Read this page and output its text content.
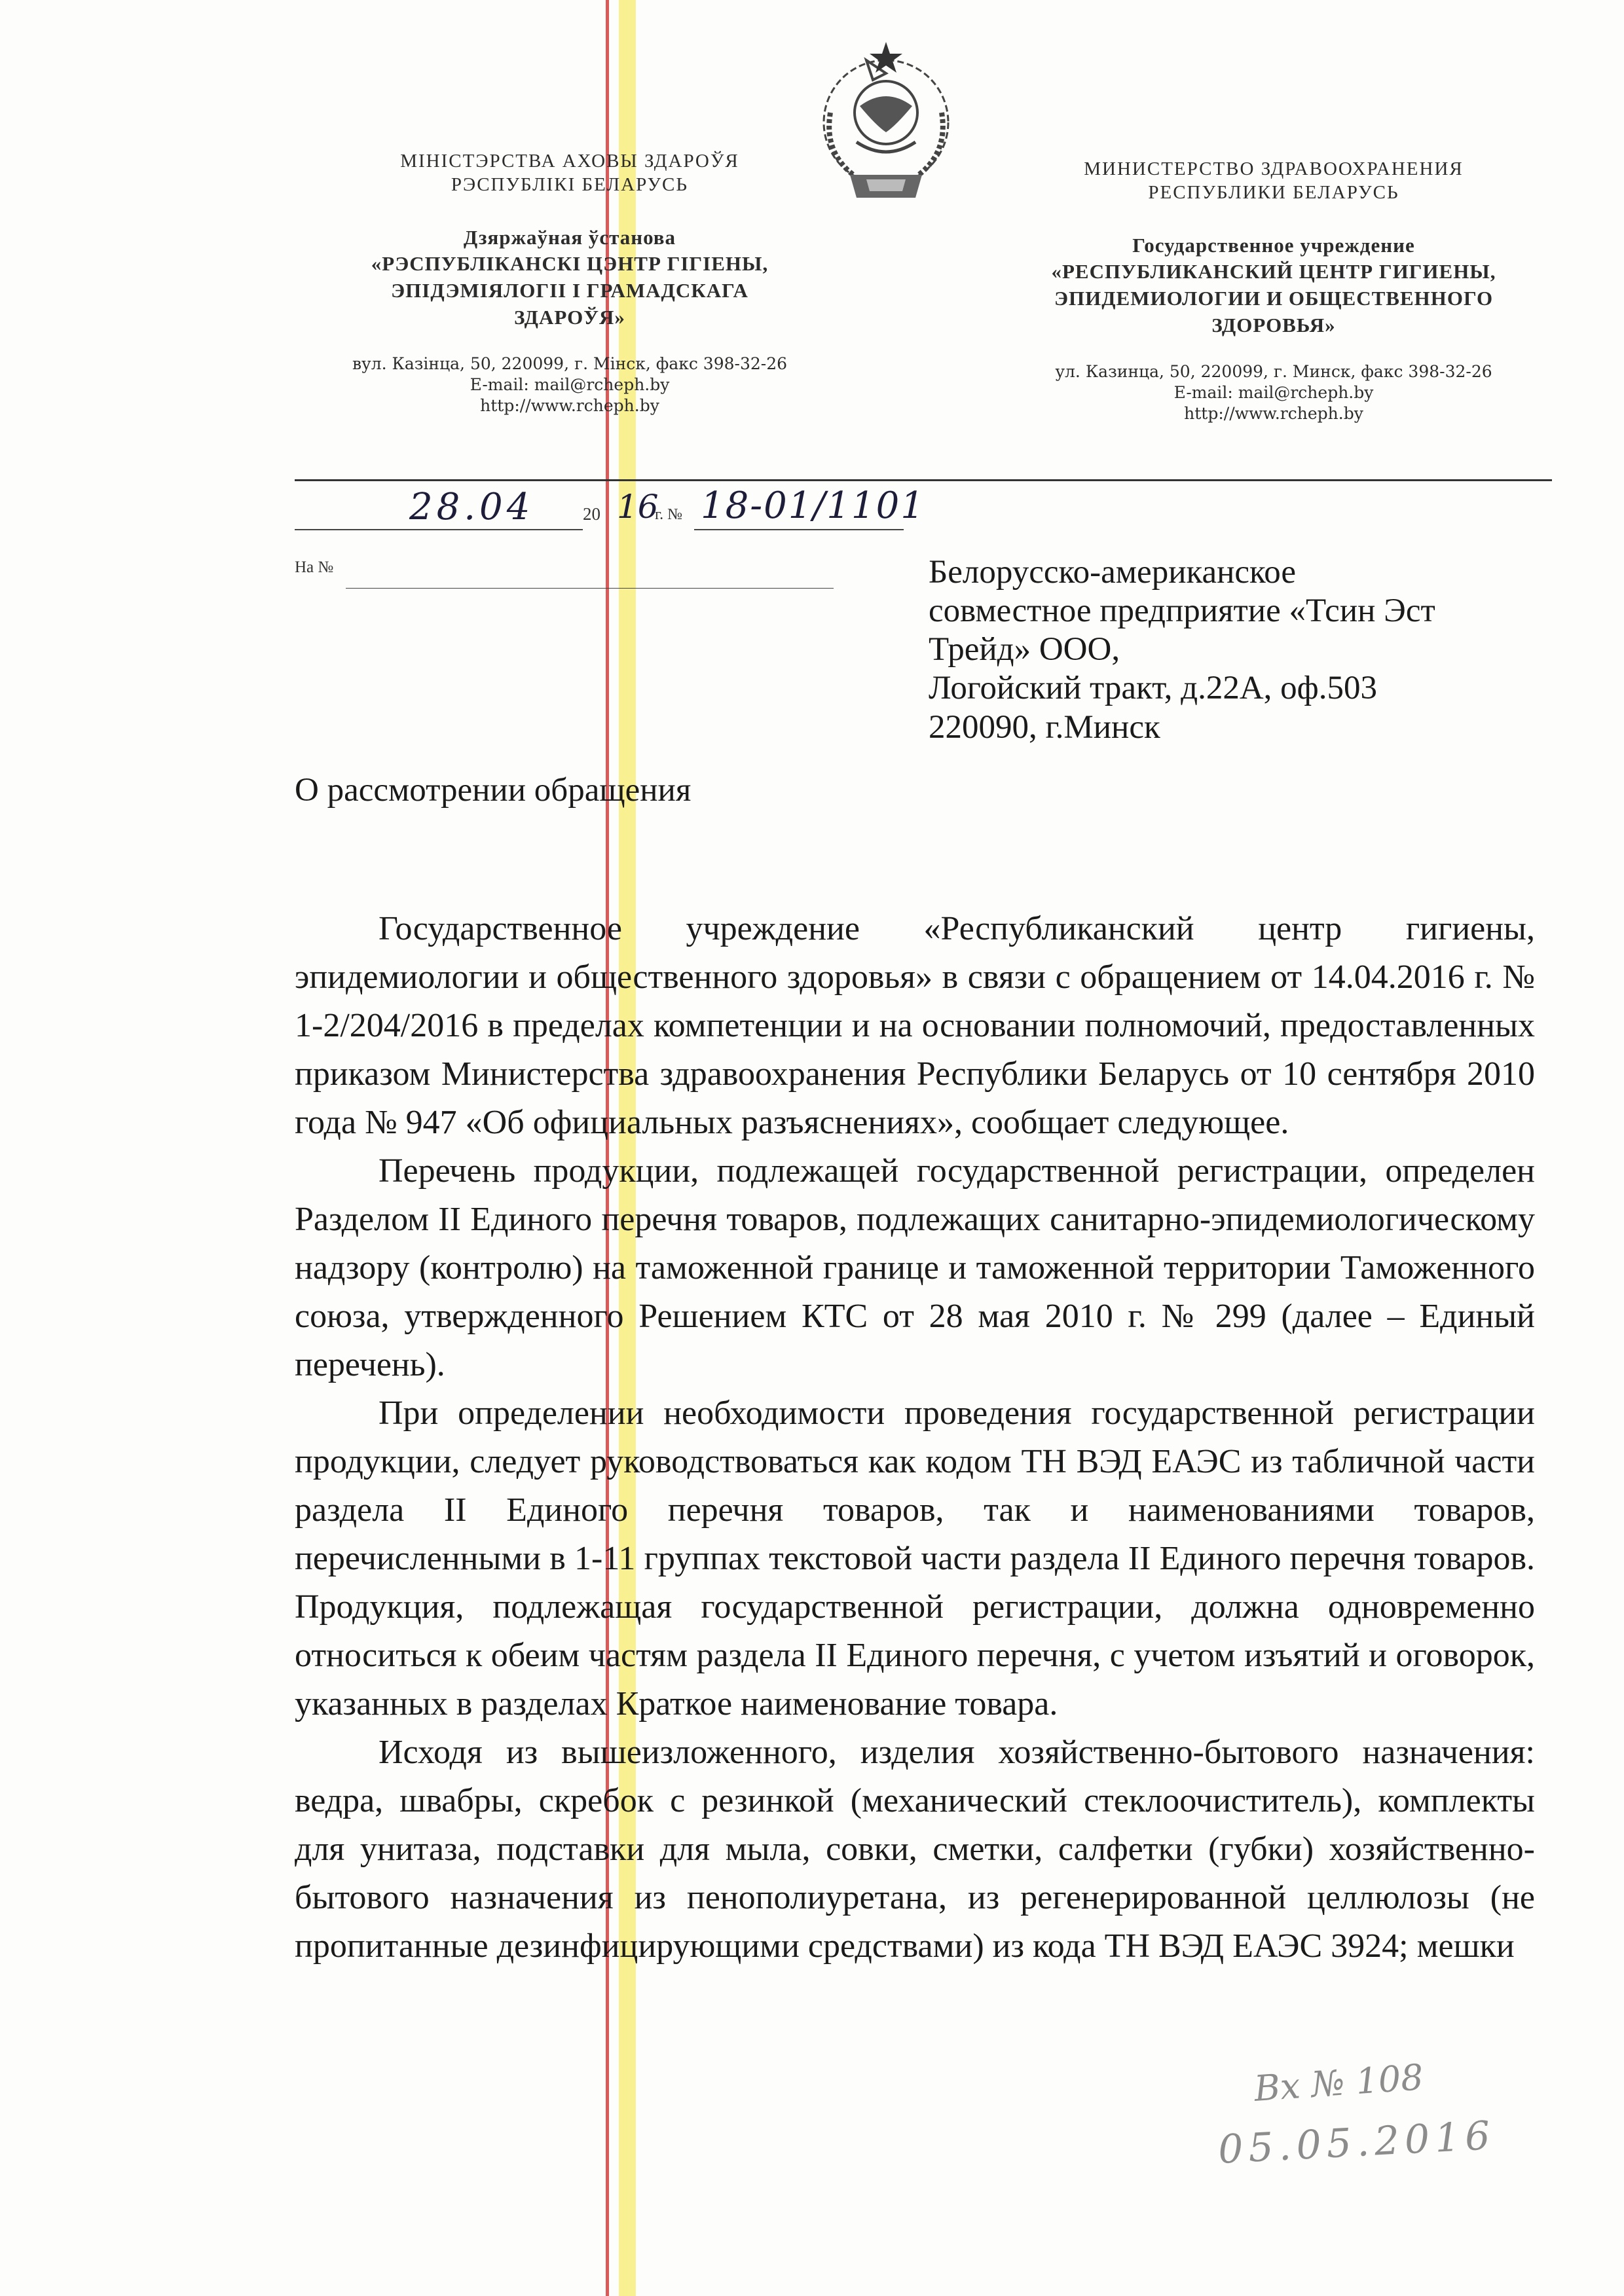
МІНІСТЭРСТВА АХОВЫ ЗДАРОЎЯ
РЭСПУБЛІКІ БЕЛАРУСЬ
Дзяржаўная ўстанова
«РЭСПУБЛІКАНСКІ ЦЭНТР ГІГІЕНЫ,
ЭПІДЭМІЯЛОГІІ І ГРАМАДСКАГА
ЗДАРОЎЯ»
вул. Казінца, 50, 220099, г. Мінск, факс 398-32-26
E-mail: mail@rcheph.by
http://www.rcheph.by
МИНИСТЕРСТВО ЗДРАВООХРАНЕНИЯ
РЕСПУБЛИКИ БЕЛАРУСЬ
Государственное учреждение
«РЕСПУБЛИКАНСКИЙ ЦЕНТР ГИГИЕНЫ,
ЭПИДЕМИОЛОГИИ И ОБЩЕСТВЕННОГО
ЗДОРОВЬЯ»
ул. Казинца, 50, 220099, г. Минск, факс 398-32-26
E-mail: mail@rcheph.by
http://www.rcheph.by
28.04	20 16
г. № 18-01/1101
На №	Белорусско-американское
совместное предприятие «Тсин Эст
Трейд» ООО,
Логойский тракт, д.22А, оф.503
220090, г.Минск
О рассмотрении обращения

Государственное учреждение «Республиканский центр гигиены, эпидемиологии и общественного здоровья» в связи с обращением от 14.04.2016 г. № 1-2/204/2016 в пределах компетенции и на основании полномочий, предоставленных приказом Министерства здравоохранения Республики Беларусь от 10 сентября 2010 года № 947 «Об официальных разъяснениях», сообщает следующее.

Перечень продукции, подлежащей государственной регистрации, определен Разделом II Единого перечня товаров, подлежащих санитарно-эпидемиологическому надзору (контролю) на таможенной границе и таможенной территории Таможенного союза, утвержденного Решением КТС от 28 мая 2010 г. № 299 (далее – Единый перечень).

При определении необходимости проведения государственной регистрации продукции, следует руководствоваться как кодом ТН ВЭД ЕАЭС из табличной части раздела II Единого перечня товаров, так и наименованиями товаров, перечисленными в 1-11 группах текстовой части раздела II Единого перечня товаров. Продукция, подлежащая государственной регистрации, должна одновременно относиться к обеим частям раздела II Единого перечня, с учетом изъятий и оговорок, указанных в разделах Краткое наименование товара.

Исходя из вышеизложенного, изделия хозяйственно-бытового назначения: ведра, швабры, скребок с резинкой (механический стеклоочиститель), комплекты для унитаза, подставки для мыла, совки, сметки, салфетки (губки) хозяйственно-бытового назначения из пенополиуретана, из регенерированной целлюлозы (не пропитанные дезинфицирующими средствами) из кода ТН ВЭД ЕАЭС 3924; мешки

Вх № 108
05.05.2016
